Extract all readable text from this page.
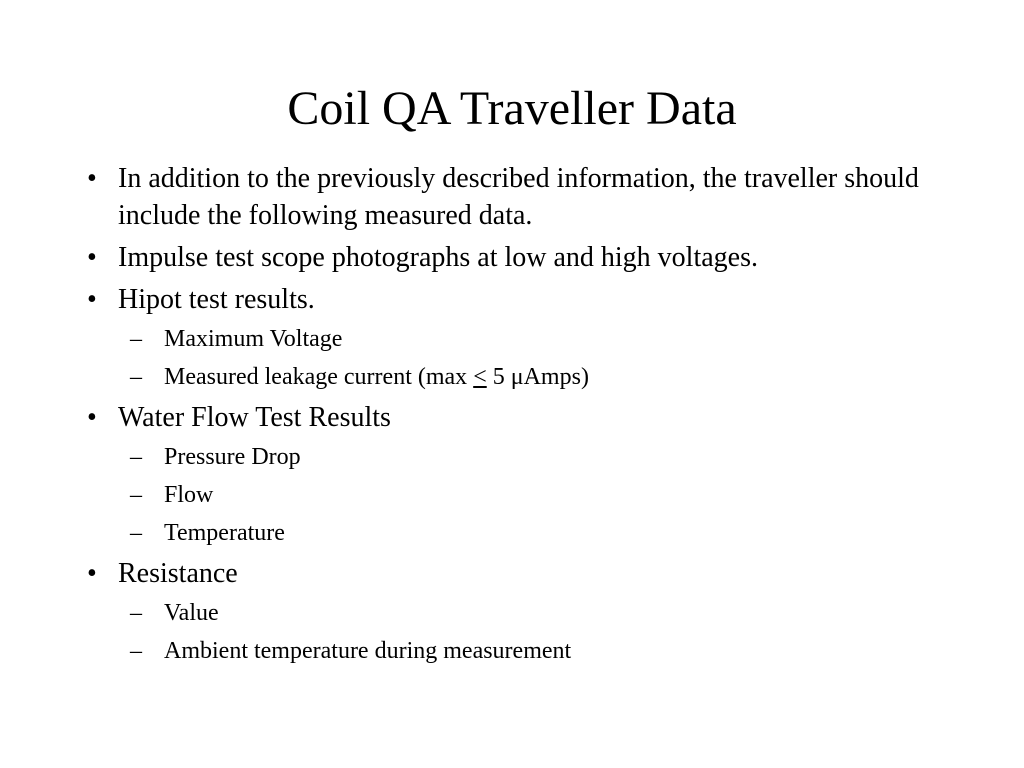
Coil QA Traveller Data
• In addition to the previously described information, the traveller should include the following measured data.
• Impulse test scope photographs at low and high voltages.
• Hipot test results.
– Maximum Voltage
– Measured leakage current (max ≤ 5 μAmps)
• Water Flow Test Results
– Pressure Drop
– Flow
– Temperature
• Resistance
– Value
– Ambient temperature during measurement
